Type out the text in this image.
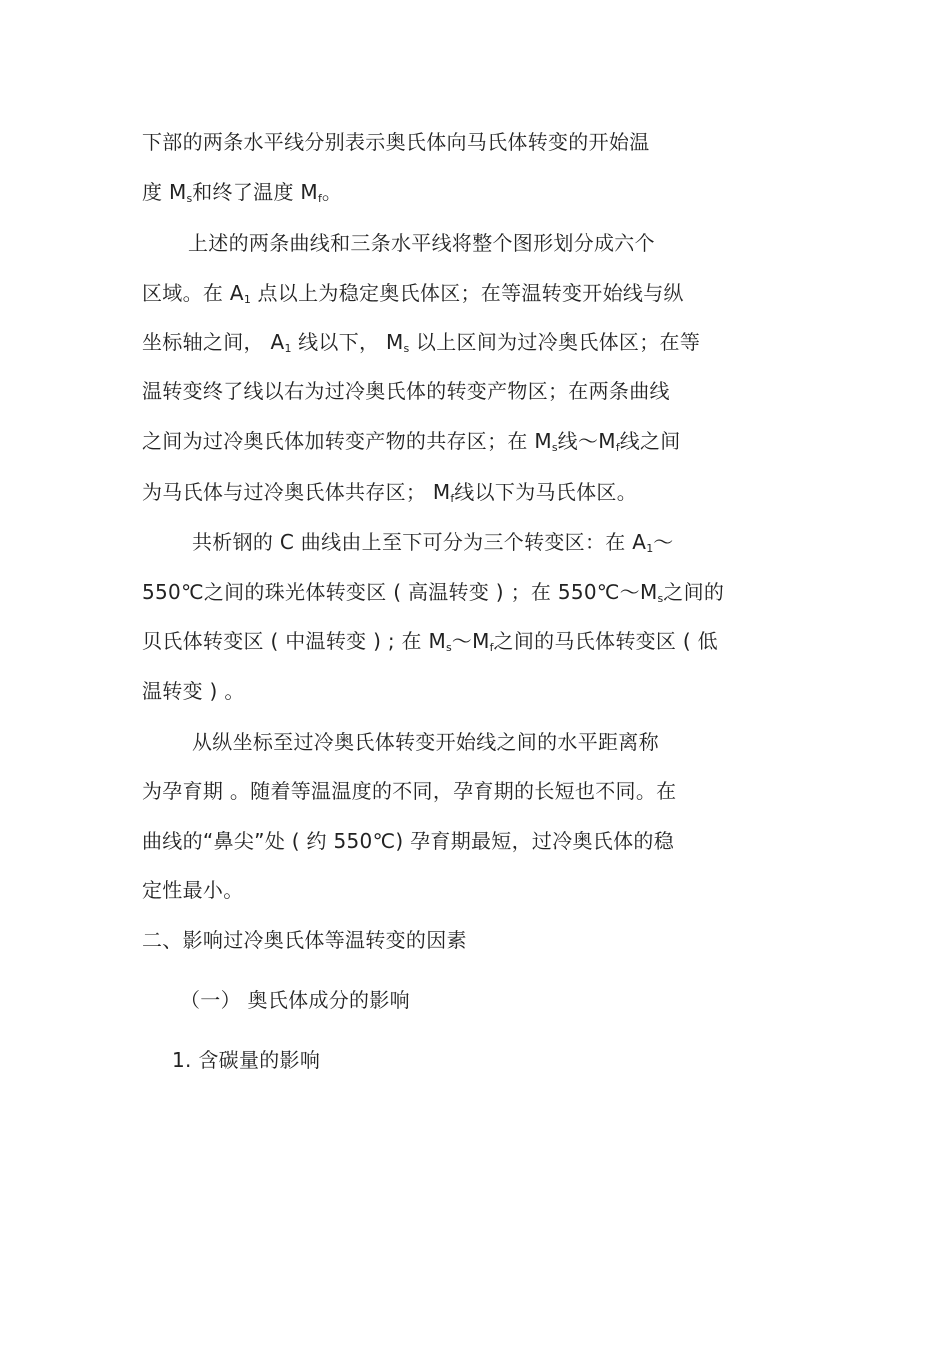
下部的两条水平线分别表示奥氏体向马氏体转变的开始温
度 $M_s$和终了温度 $M_f$。
上述的两条曲线和三条水平线将整个图形划分成六个
区域。在 $A_1$ 点以上为稳定奥氏体区；在等温转变开始线与纵
坐标轴之间， $A_1$ 线以下， $M_s$ 以上区间为过冷奥氏体区；在等
温转变终了线以右为过冷奥氏体的转变产物区；在两条曲线
之间为过冷奥氏体加转变产物的共存区；在 $M_s$线$\sim M_f$线之间
为马氏体与过冷奥氏体共存区； $M_f$线以下为马氏体区。
共析钢的 C 曲线由上至下可分为三个转变区：在 $A_1\sim$
550℃之间的珠光体转变区 ( 高温转变 ) ；在 $550℃\sim M_s$之间的
贝氏体转变区 ( 中温转变 ) ; 在 $M_s\sim M_f$之间的马氏体转变区 ( 低
温转变 ) 。
从纵坐标至过冷奥氏体转变开始线之间的水平距离称
为孕育期 。随着等温温度的不同，孕育期的长短也不同。在
曲线的“鼻尖”处 ( 约 550℃) 孕育期最短，过冷奥氏体的稳
定性最小。
二、影响过冷奥氏体等温转变的因素
（一） 奥氏体成分的影响
1. 含碳量的影响
